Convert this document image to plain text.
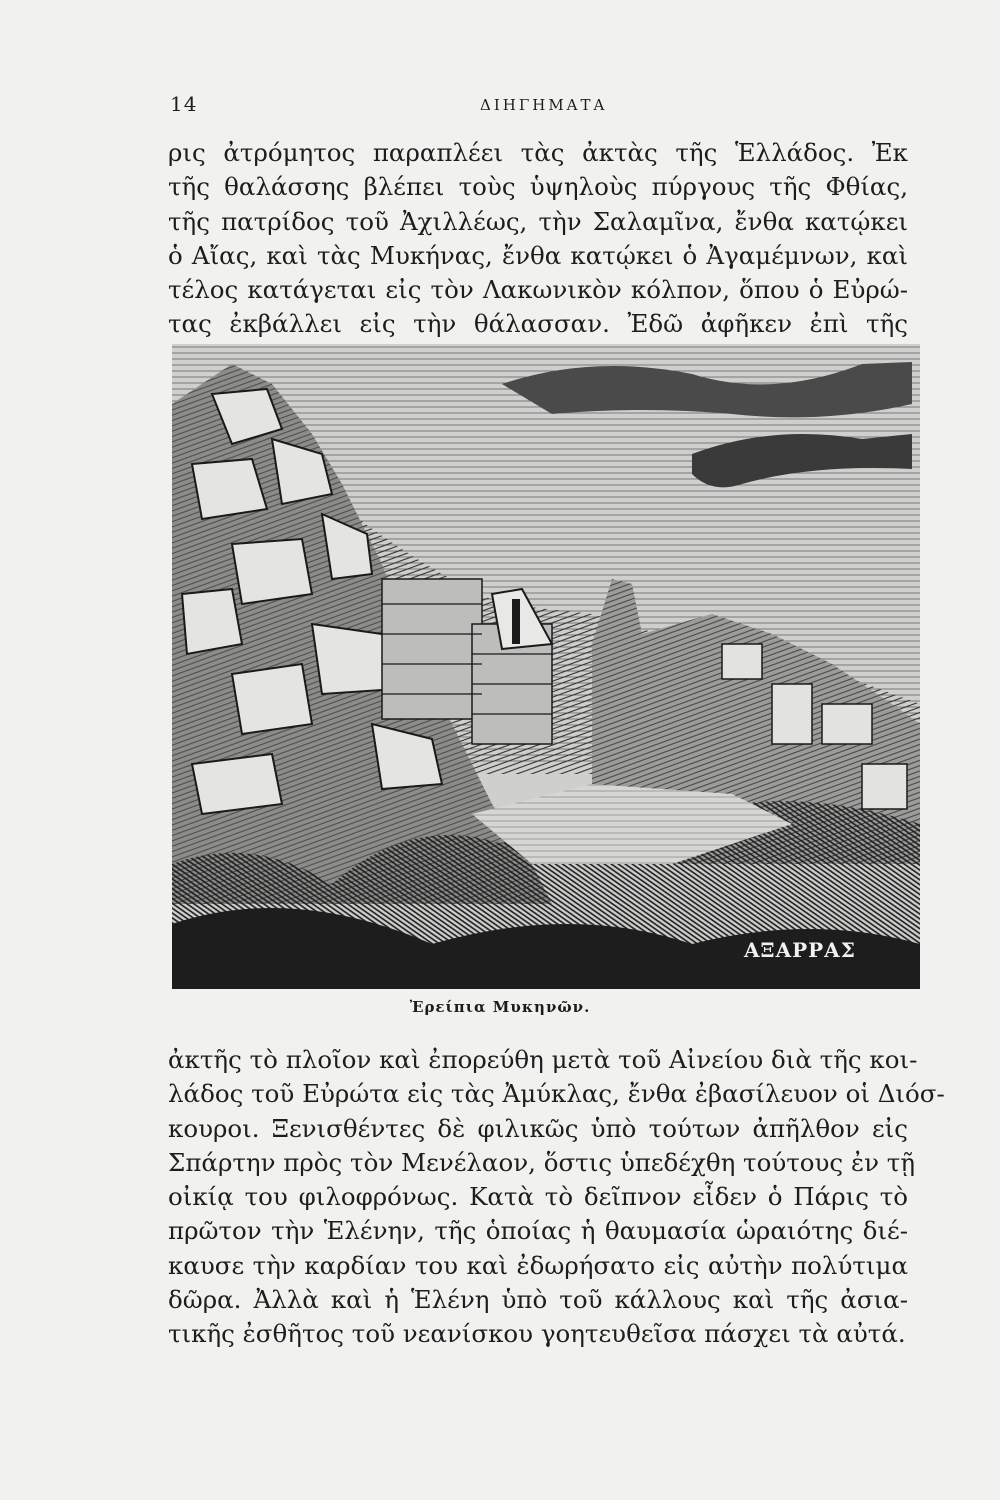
14	ΔΙΗΓΗΜΑΤΑ
ρις ἀτρόμητος παραπλέει τὰς ἀκτὰς τῆς Ἑλλάδος. Ἐκ
τῆς θαλάσσης βλέπει τοὺς ὑψηλοὺς πύργους τῆς Φθίας,
τῆς πατρίδος τοῦ Ἀχιλλέως, τὴν Σαλαμῖνα, ἔνθα κατῴκει
ὁ Αἴας, καὶ τὰς Μυκήνας, ἔνθα κατῴκει ὁ Ἀγαμέμνων, καὶ
τέλος κατάγεται εἰς τὸν Λακωνικὸν κόλπον, ὅπου ὁ Εὐρώ-
τας ἐκβάλλει εἰς τὴν θάλασσαν. Ἐδῶ ἀφῆκεν ἐπὶ τῆς
ΑΞΑΡΡΑΣ
Ἐρείπια Μυκηνῶν.
ἀκτῆς τὸ πλοῖον καὶ ἐπορεύθη μετὰ τοῦ Αἰνείου διὰ τῆς κοι-
λάδος τοῦ Εὐρώτα εἰς τὰς Ἀμύκλας, ἔνθα ἐβασίλευον οἱ Διόσ-
κουροι. Ξενισθέντες δὲ φιλικῶς ὑπὸ τούτων ἀπῆλθον εἰς
Σπάρτην πρὸς τὸν Μενέλαον, ὅστις ὑπεδέχθη τούτους ἐν τῇ
οἰκίᾳ του φιλοφρόνως. Κατὰ τὸ δεῖπνον εἶδεν ὁ Πάρις τὸ
πρῶτον τὴν Ἑλένην, τῆς ὁποίας ἡ θαυμασία ὡραιότης διέ-
καυσε τὴν καρδίαν του καὶ ἐδωρήσατο εἰς αὐτὴν πολύτιμα
δῶρα. Ἀλλὰ καὶ ἡ Ἑλένη ὑπὸ τοῦ κάλλους καὶ τῆς ἀσια-
τικῆς ἐσθῆτος τοῦ νεανίσκου γοητευθεῖσα πάσχει τὰ αὐτά.
